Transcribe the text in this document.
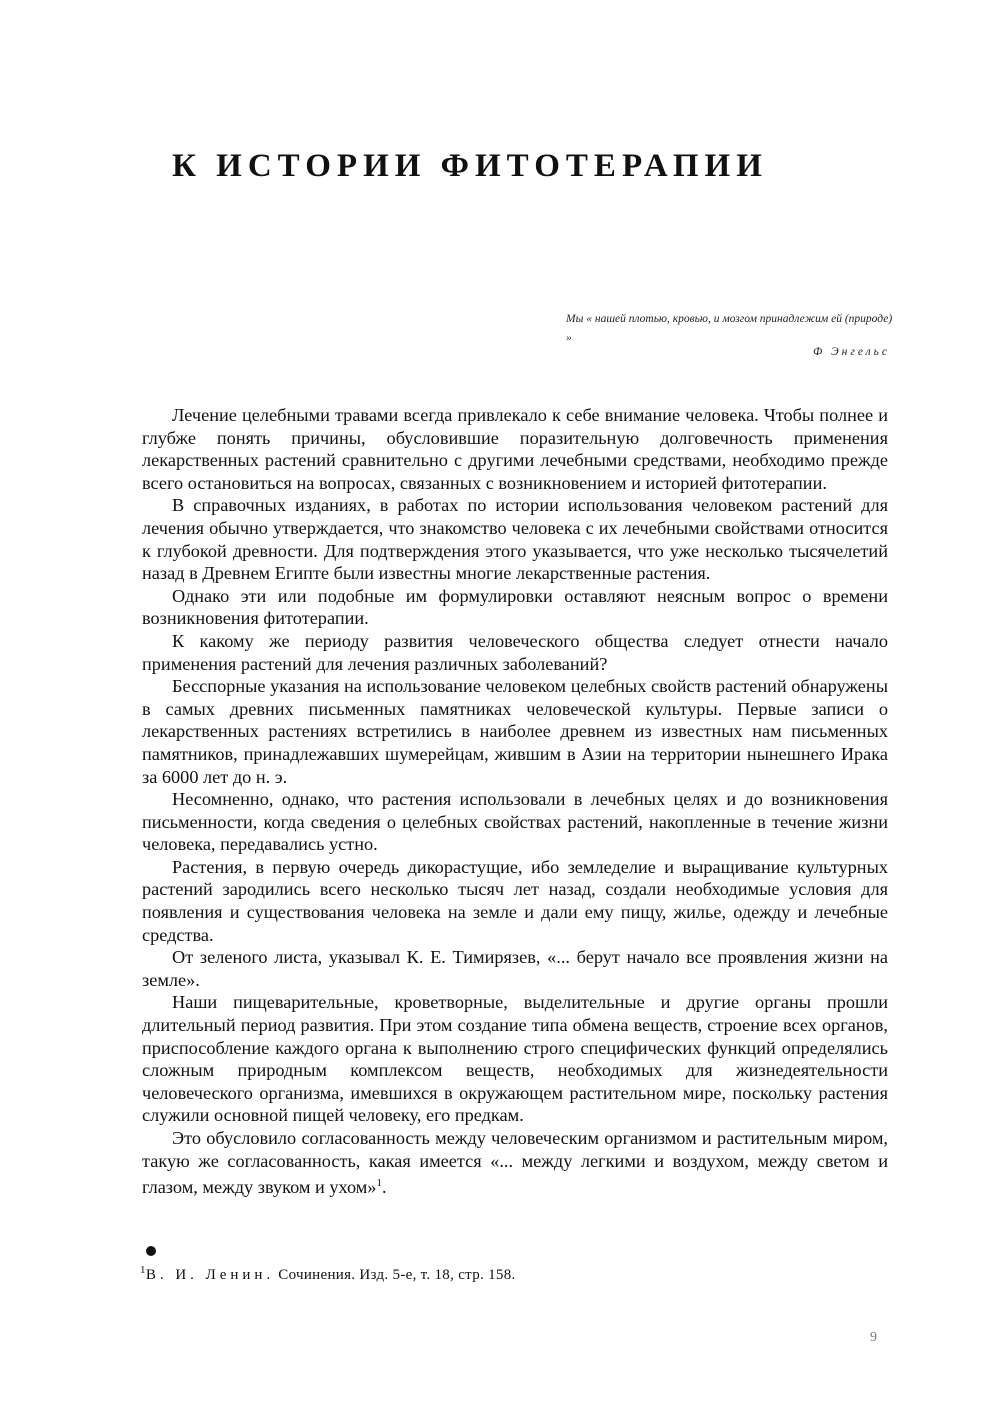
К ИСТОРИИ ФИТОТЕРАПИИ
Мы « нашей плотью, кровью, и мозгом принадлежим ей (природе) »
Ф Энгельс

Лечение целебными травами всегда привлекало к себе внимание человека. Чтобы полнее и глубже понять причины, обусловившие поразительную долговечность применения лекарственных растений сравнительно с другими лечебными средствами, необходимо прежде всего остановиться на вопросах, связанных с возникновением и историей фитотерапии.

В справочных изданиях, в работах по истории использования человеком растений для лечения обычно утверждается, что знакомство человека с их лечебными свойствами относится к глубокой древности. Для подтверждения этого указывается, что уже несколько тысячелетий назад в Древнем Египте были известны многие лекарственные растения.

Однако эти или подобные им формулировки оставляют неясным вопрос о времени возникновения фитотерапии.

К какому же периоду развития человеческого общества следует отнести начало применения растений для лечения различных заболеваний?

Бесспорные указания на использование человеком целебных свойств растений обнаружены в самых древних письменных памятниках человеческой культуры. Первые записи о лекарственных растениях встретились в наиболее древнем из известных нам письменных памятников, принадлежавших шумерейцам, жившим в Азии на территории нынешнего Ирака за 6000 лет до н. э.

Несомненно, однако, что растения использовали в лечебных целях и до возникновения письменности, когда сведения о целебных свойствах растений, накопленные в течение жизни человека, передавались устно.

Растения, в первую очередь дикорастущие, ибо земледелие и выращивание культурных растений зародились всего несколько тысяч лет назад, создали необходимые условия для появления и существования человека на земле и дали ему пищу, жилье, одежду и лечебные средства.

От зеленого листа, указывал К. Е. Тимирязев, «... берут начало все проявления жизни на земле».

Наши пищеварительные, кроветворные, выделительные и другие органы прошли длительный период развития. При этом создание типа обмена веществ, строение всех органов, приспособление каждого органа к выполнению строго специфических функций определялись сложным природным комплексом веществ, необходимых для жизнедеятельности человеческого организма, имевшихся в окружающем растительном мире, поскольку растения служили основной пищей человеку, его предкам.

Это обусловило согласованность между человеческим организмом и растительным миром, такую же согласованность, какая имеется «... между легкими и воздухом, между светом и глазом, между звуком и ухом»$^1$.

$^1$В. И. Ленин. Сочинения. Изд. 5-е, т. 18, стр. 158.
9
